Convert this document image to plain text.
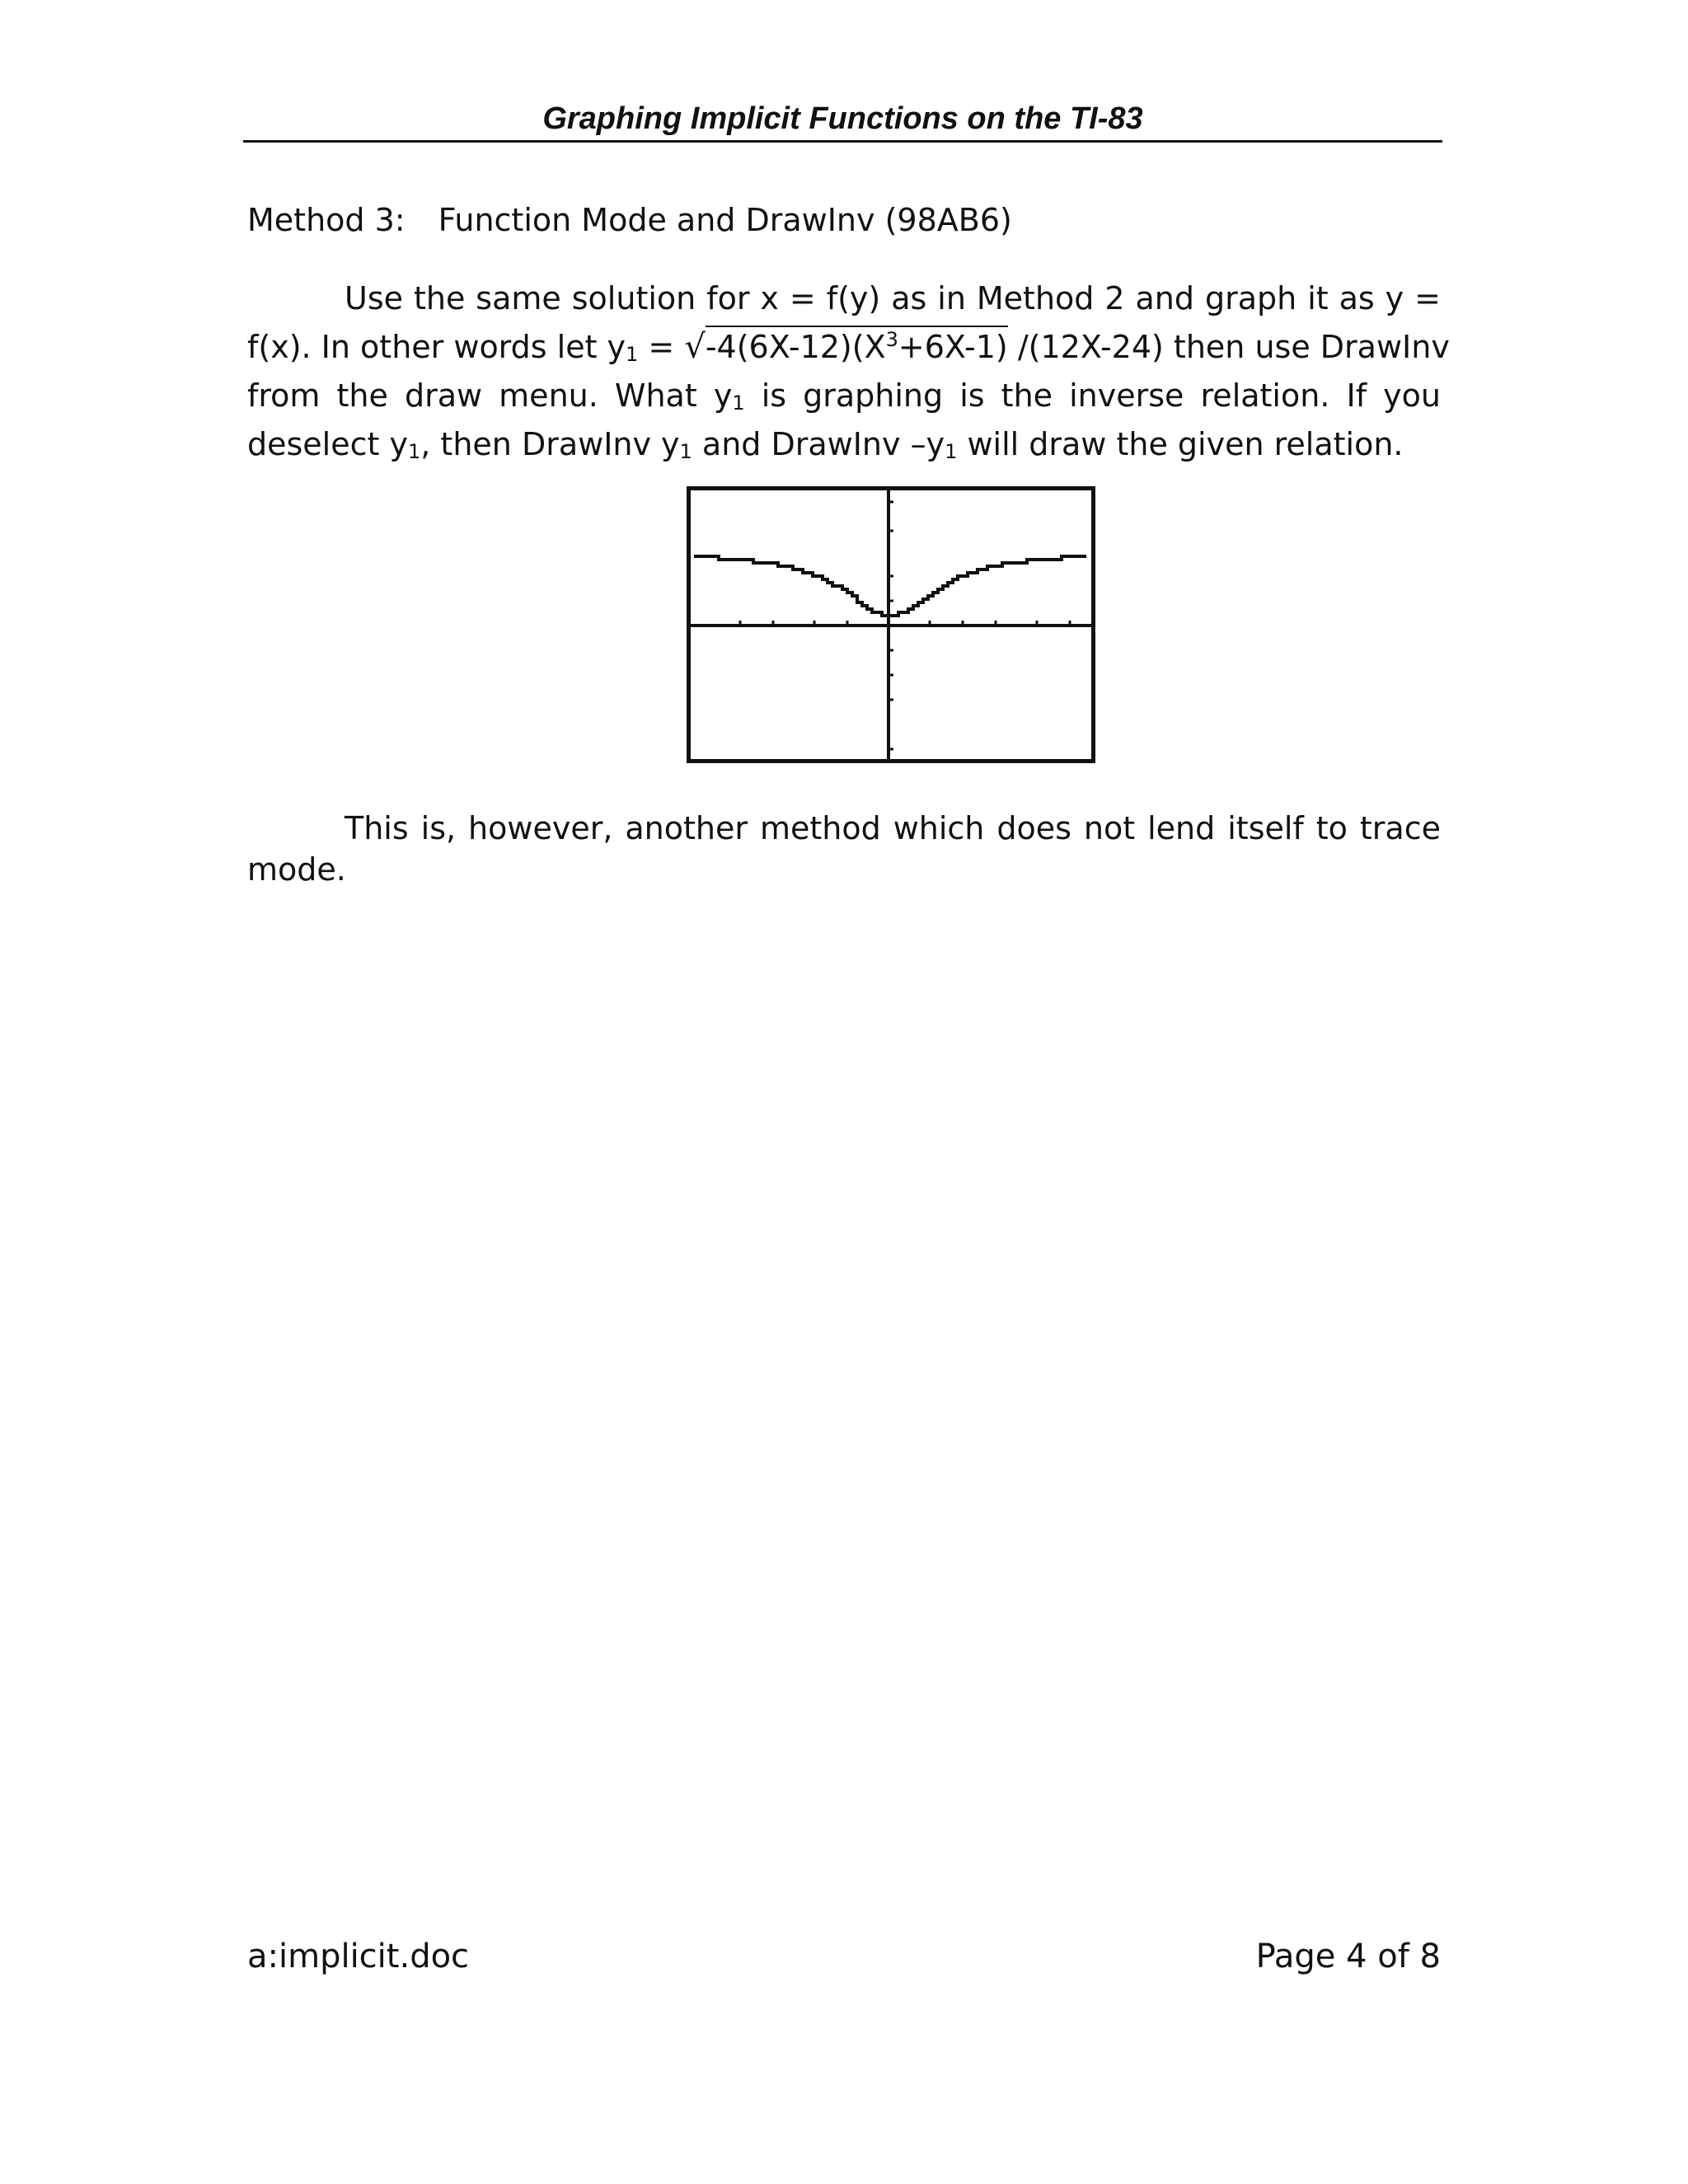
Graphing Implicit Functions on the TI-83
Method 3: Function Mode and DrawInv (98AB6)
Use the same solution for x = f(y) as in Method 2 and graph it as y =
f(x). In other words let $y1 = √-4(6X-12)(X^3+6X-1)$ /(12X-24) then use DrawInv
from the draw menu. What y1 is graphing is the inverse relation. If you
deselect y1, then DrawInv y1 and DrawInv –y1 will draw the given relation.
This is, however, another method which does not lend itself to trace
mode.
a:implicit.doc	Page 4 of 8
